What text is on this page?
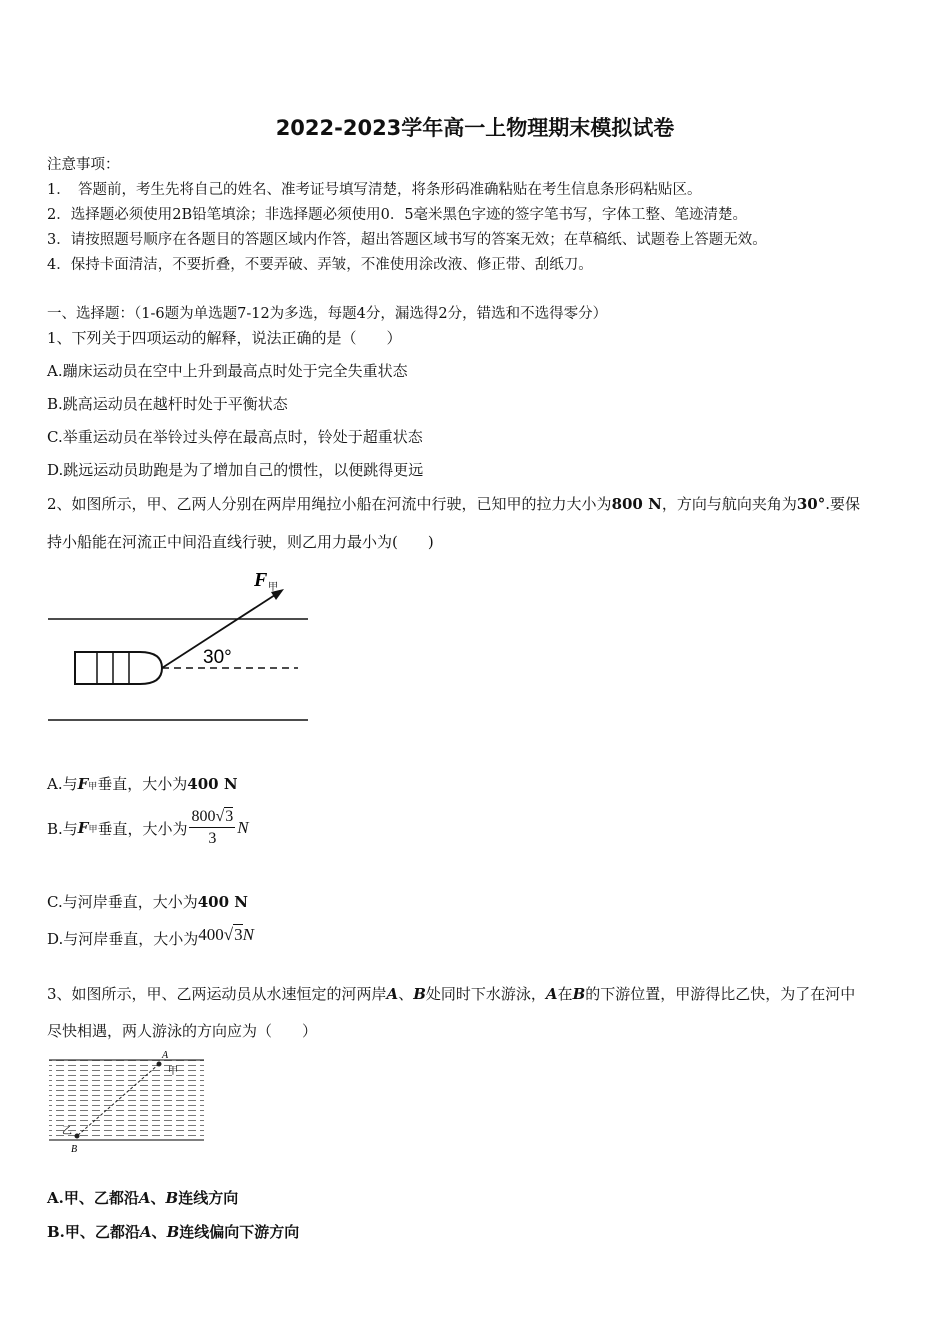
2022-2023学年高一上物理期末模拟试卷
注意事项：
1．　答题前，考生先将自己的姓名、准考证号填写清楚，将条形码准确粘贴在考生信息条形码粘贴区。
2．选择题必须使用2B铅笔填涂；非选择题必须使用0．5毫米黑色字迹的签字笔书写，字体工整、笔迹清楚。
3．请按照题号顺序在各题目的答题区域内作答，超出答题区域书写的答案无效；在草稿纸、试题卷上答题无效。
4．保持卡面清洁，不要折叠，不要弄破、弄皱，不准使用涂改液、修正带、刮纸刀。
一、选择题：（1-6题为单选题7-12为多选，每题4分，漏选得2分，错选和不选得零分）
1、下列关于四项运动的解释，说法正确的是（　　）
A.蹦床运动员在空中上升到最高点时处于完全失重状态
B.跳高运动员在越杆时处于平衡状态
C.举重运动员在举铃过头停在最高点时，铃处于超重状态
D.跳远运动员助跑是为了增加自己的惯性，以便跳得更远
2、如图所示，甲、乙两人分别在两岸用绳拉小船在河流中行驶，已知甲的拉力大小为800 N，方向与航向夹角为30°.要保
持小船能在河流正中间沿直线行驶，则乙用力最小为(　　)
F 甲
30°
A.与F甲垂直，大小为400 N
B.与 F 甲 垂直，大小为 $\frac{800√3}{3}$ N
C.与河岸垂直，大小为400 N
D.与河岸垂直，大小为400√3N
3、如图所示，甲、乙两运动员从水速恒定的河两岸A、B处同时下水游泳，A在B的下游位置，甲游得比乙快，为了在河中
尽快相遇，两人游泳的方向应为（　　）
A
甲
乙
B
A.甲、乙都沿A、B连线方向
B.甲、乙都沿A、B连线偏向下游方向
